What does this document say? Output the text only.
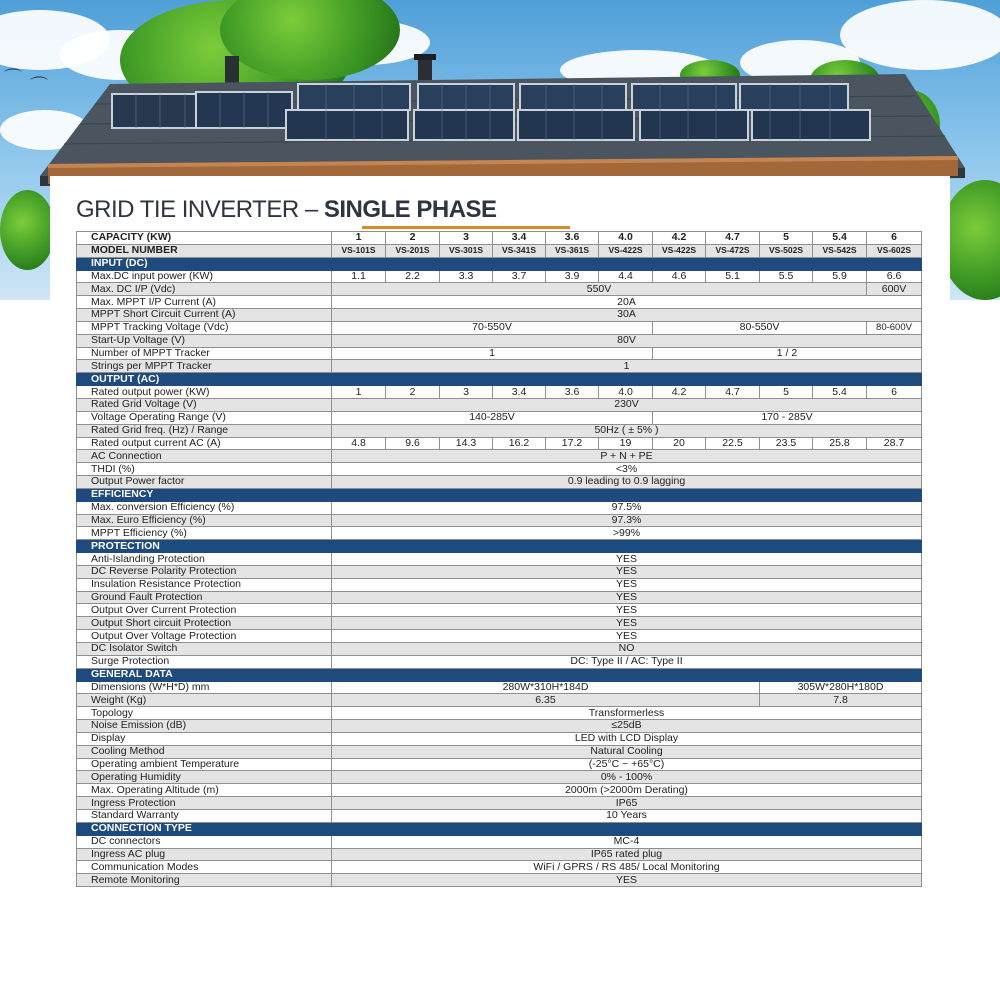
⌒ ⌒
GRID TIE INVERTER – SINGLE PHASE
CAPACITY (KW)	1	2	3	3.4	3.6	4.0	4.2	4.7	5	5.4	6
MODEL NUMBER	VS-101S	VS-201S	VS-301S	VS-341S	VS-361S	VS-422S	VS-422S	VS-472S	VS-502S	VS-542S	VS-602S
INPUT (DC)											
Max.DC input power (KW)	1.1	2.2	3.3	3.7	3.9	4.4	4.6	5.1	5.5	5.9	6.6
Max. DC I/P (Vdc)	550V										600V
Max. MPPT I/P Current (A)	20A										
MPPT Short Circuit Current (A)	30A										
MPPT Tracking Voltage (Vdc)	70-550V						80-550V				80-600V
Start-Up Voltage (V)	80V										
Number of MPPT Tracker	1						1 / 2				
Strings per MPPT Tracker	1										
OUTPUT (AC)											
Rated output power (KW)	1	2	3	3.4	3.6	4.0	4.2	4.7	5	5.4	6
Rated Grid Voltage (V)	230V										
Voltage Operating Range (V)	140-285V						170 - 285V				
Rated Grid freq. (Hz) / Range	50Hz ( ± 5% )										
Rated output current AC (A)	4.8	9.6	14.3	16.2	17.2	19	20	22.5	23.5	25.8	28.7
AC Connection	P + N + PE										
THDI (%)	<3%										
Output Power factor	0.9 leading to 0.9 lagging										
EFFICIENCY											
Max. conversion Efficiency (%)	97.5%										
Max. Euro Efficiency (%)	97.3%										
MPPT Efficiency (%)	>99%										
PROTECTION											
Anti-Islanding Protection	YES										
DC Reverse Polarity Protection	YES										
Insulation Resistance Protection	YES										
Ground Fault Protection	YES										
Output Over Current Protection	YES										
Output Short circuit Protection	YES										
Output Over Voltage Protection	YES										
DC Isolator Switch	NO										
Surge Protection	DC: Type II / AC: Type II										
GENERAL DATA											
Dimensions (W*H*D) mm	280W*310H*184D								305W*280H*180D		
Weight (Kg)	6.35								7.8		
Topology	Transformerless										
Noise Emission (dB)	≤25dB										
Display	LED with LCD Display										
Cooling Method	Natural Cooling										
Operating ambient Temperature	(-25°C ~ +65°C)										
Operating Humidity	0% - 100%										
Max. Operating Altitude (m)	2000m (>2000m Derating)										
Ingress Protection	IP65										
Standard Warranty	10 Years										
CONNECTION TYPE											
DC connectors	MC-4										
Ingress AC plug	IP65 rated plug										
Communication Modes	WiFi / GPRS / RS 485/ Local Monitoring										
Remote Monitoring	YES										
